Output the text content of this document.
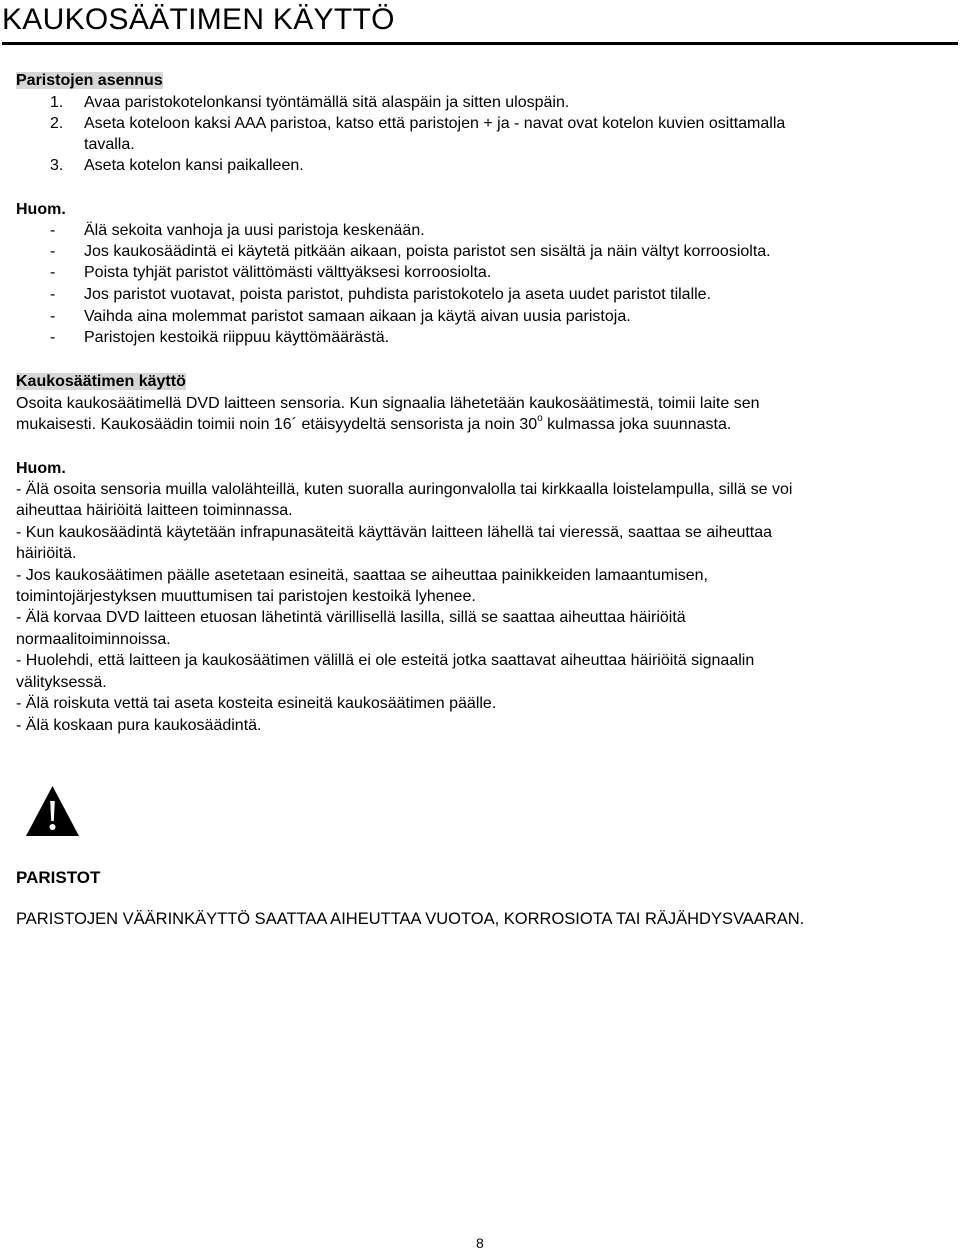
KAUKOSÄÄTIMEN KÄYTTÖ
Paristojen asennus
1. Avaa paristokotelonkansi työntämällä sitä alaspäin ja sitten ulospäin.
2. Aseta koteloon kaksi AAA paristoa, katso että paristojen + ja - navat ovat kotelon kuvien osittamalla
tavalla.
3. Aseta kotelon kansi paikalleen.
Huom.
- Älä sekoita vanhoja ja uusi paristoja keskenään.
- Jos kaukosäädintä ei käytetä pitkään aikaan, poista paristot sen sisältä ja näin vältyt korroosiolta.
- Poista tyhjät paristot välittömästi välttyäksesi korroosiolta.
- Jos paristot vuotavat, poista paristot, puhdista paristokotelo ja aseta uudet paristot tilalle.
- Vaihda aina molemmat paristot samaan aikaan ja käytä aivan uusia paristoja.
- Paristojen kestoikä riippuu käyttömäärästä.
Kaukosäätimen käyttö
Osoita kaukosäätimellä DVD laitteen sensoria. Kun signaalia lähetetään kaukosäätimestä, toimii laite sen
mukaisesti. Kaukosäädin toimii noin 16´ etäisyydeltä sensorista ja noin 30$^o$ kulmassa joka suunnasta.
Huom.
- Älä osoita sensoria muilla valolähteillä, kuten suoralla auringonvalolla tai kirkkaalla loistelampulla, sillä se voi
aiheuttaa häiriöitä laitteen toiminnassa.
- Kun kaukosäädintä käytetään infrapunasäteitä käyttävän laitteen lähellä tai vieressä, saattaa se aiheuttaa
häiriöitä.
- Jos kaukosäätimen päälle asetetaan esineitä, saattaa se aiheuttaa painikkeiden lamaantumisen,
toimintojärjestyksen muuttumisen tai paristojen kestoikä lyhenee.
- Älä korvaa DVD laitteen etuosan lähetintä värillisellä lasilla, sillä se saattaa aiheuttaa häiriöitä
normaalitoiminnoissa.
- Huolehdi, että laitteen ja kaukosäätimen välillä ei ole esteitä jotka saattavat aiheuttaa häiriöitä signaalin
välityksessä.
- Älä roiskuta vettä tai aseta kosteita esineitä kaukosäätimen päälle.
- Älä koskaan pura kaukosäädintä.
PARISTOT
PARISTOJEN VÄÄRINKÄYTTÖ SAATTAA AIHEUTTAA VUOTOA, KORROSIOTA TAI RÄJÄHDYSVAARAN.
8
